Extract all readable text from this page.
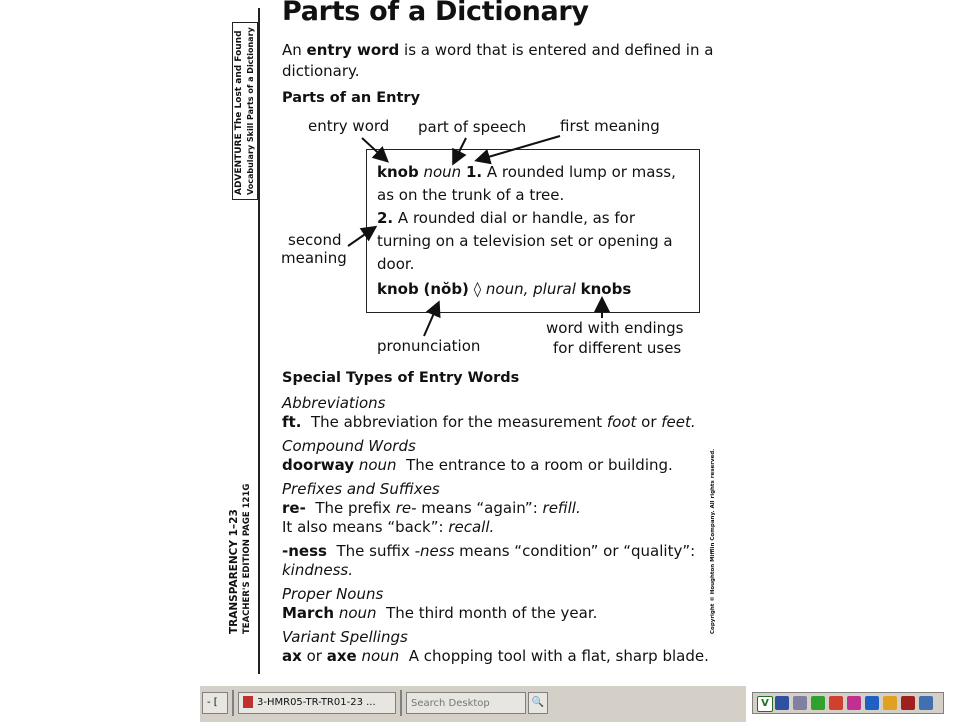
ADVENTURE The Lost and Found Vocabulary Skill Parts of a Dictionary
TRANSPARENCY 1–23 TEACHER'S EDITION PAGE 121G	Copyright © Houghton Mifflin Company. All rights reserved.
Parts of a Dictionary
An entry word is a word that is entered and defined in a dictionary.
Parts of an Entry
entry word part of speech first meaning
second
meaning
pronunciation
word with endings
for different uses
knob noun 1. A rounded lump or mass,
as on the trunk of a tree.
2. A rounded dial or handle, as for
turning on a television set or opening a
door.
knob (nŏb) ◊ noun, plural knobs
Special Types of Entry Words
Abbreviations
ft. The abbreviation for the measurement foot or feet.
Compound Words
doorway noun The entrance to a room or building.
Prefixes and Suffixes
re- The prefix re- means “again”: refill.
It also means “back”: recall.
-ness The suffix -ness means “condition” or “quality”:
kindness.
Proper Nouns
March noun The third month of the year.
Variant Spellings
ax or axe noun A chopping tool with a flat, sharp blade.
- [	3-HMR05-TR-TR01-23 ...
Search Desktop	🔍	V
